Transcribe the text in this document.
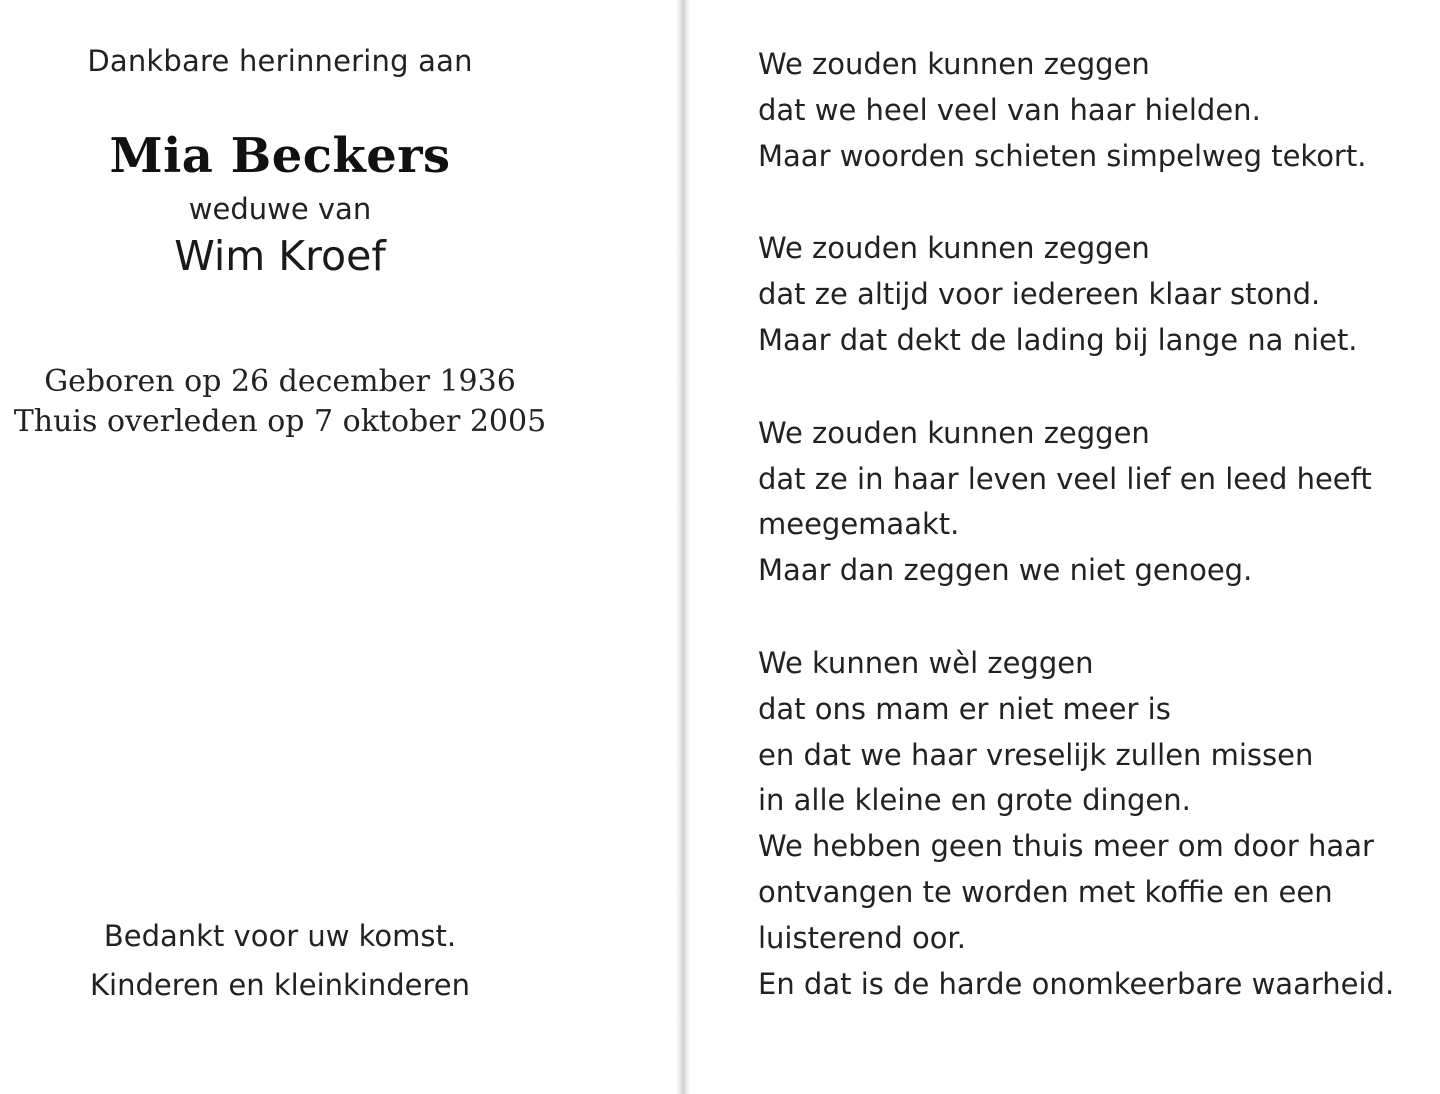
Dankbare herinnering aan
Mia Beckers
weduwe van
Wim Kroef
Geboren op 26 december 1936
Thuis overleden op 7 oktober 2005
Bedankt voor uw komst.
Kinderen en kleinkinderen
We zouden kunnen zeggen
dat we heel veel van haar hielden.
Maar woorden schieten simpelweg tekort.
We zouden kunnen zeggen
dat ze altijd voor iedereen klaar stond.
Maar dat dekt de lading bij lange na niet.
We zouden kunnen zeggen
dat ze in haar leven veel lief en leed heeft
meegemaakt.
Maar dan zeggen we niet genoeg.
We kunnen wèl zeggen
dat ons mam er niet meer is
en dat we haar vreselijk zullen missen
in alle kleine en grote dingen.
We hebben geen thuis meer om door haar
ontvangen te worden met koffie en een
luisterend oor.
En dat is de harde onomkeerbare waarheid.
